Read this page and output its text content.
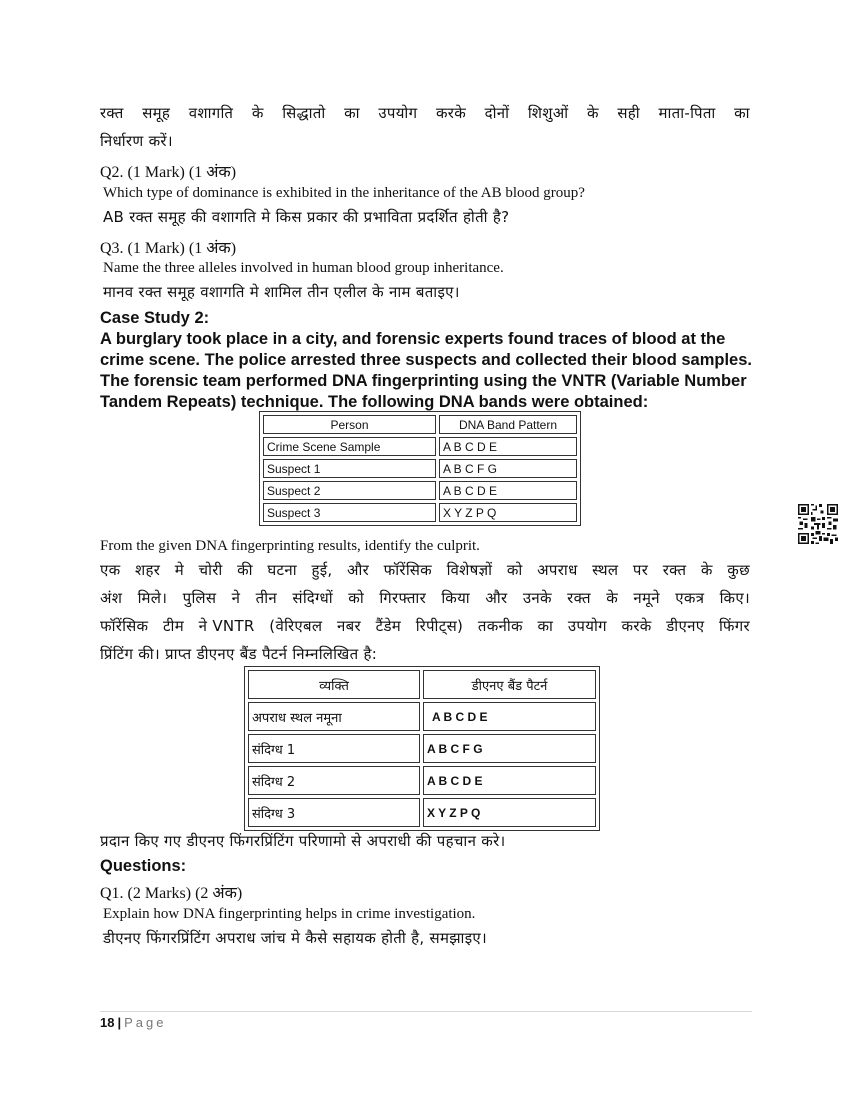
रक्त समूह वशागति के सिद्धातो का उपयोग करके दोनों शिशुओं के सही माता-पिता का
निर्धारण करें।
Q2. (1 Mark) (1 अंक)
Which type of dominance is exhibited in the inheritance of the AB blood group?
AB रक्त समूह की वशागति मे किस प्रकार की प्रभाविता प्रदर्शित होती है?
Q3. (1 Mark) (1 अंक)
Name the three alleles involved in human blood group inheritance.
मानव रक्त समूह वशागति मे शामिल तीन एलील के नाम बताइए।
Case Study 2:
A burglary took place in a city, and forensic experts found traces of blood at the
crime scene. The police arrested three suspects and collected their blood samples.
The forensic team performed DNA fingerprinting using the VNTR (Variable Number
Tandem Repeats) technique. The following DNA bands were obtained:
Person	DNA Band Pattern
Crime Scene Sample	A B C D E
Suspect 1	A B C F G
Suspect 2	A B C D E
Suspect 3	X Y Z P Q
From the given DNA fingerprinting results, identify the culprit.
एक शहर मे चोरी की घटना हुई, और फॉरेंसिक विशेषज्ञों को अपराध स्थल पर रक्त के कुछ
अंश मिले। पुलिस ने तीन संदिग्धों को गिरफ्तार किया और उनके रक्त के नमूने एकत्र किए।
फॉरेंसिक टीम ने VNTR (वेरिएबल नबर टैंडेम रिपीट्स) तकनीक का उपयोग करके डीएनए फिंगर
प्रिंटिंग की। प्राप्त डीएनए बैंड पैटर्न निम्नलिखित है:
व्यक्ति	डीएनए बैंड पैटर्न
अपराध स्थल नमूना	A B C D E
संदिग्ध 1	A B C F G
संदिग्ध 2	A B C D E
संदिग्ध 3	X Y Z P Q
प्रदान किए गए डीएनए फिंगरप्रिंटिंग परिणामो से अपराधी की पहचान करे।
Questions:
Q1. (2 Marks) (2 अंक)
Explain how DNA fingerprinting helps in crime investigation.
डीएनए फिंगरप्रिंटिंग अपराध जांच मे कैसे सहायक होती है, समझाइए।
18 | Page
